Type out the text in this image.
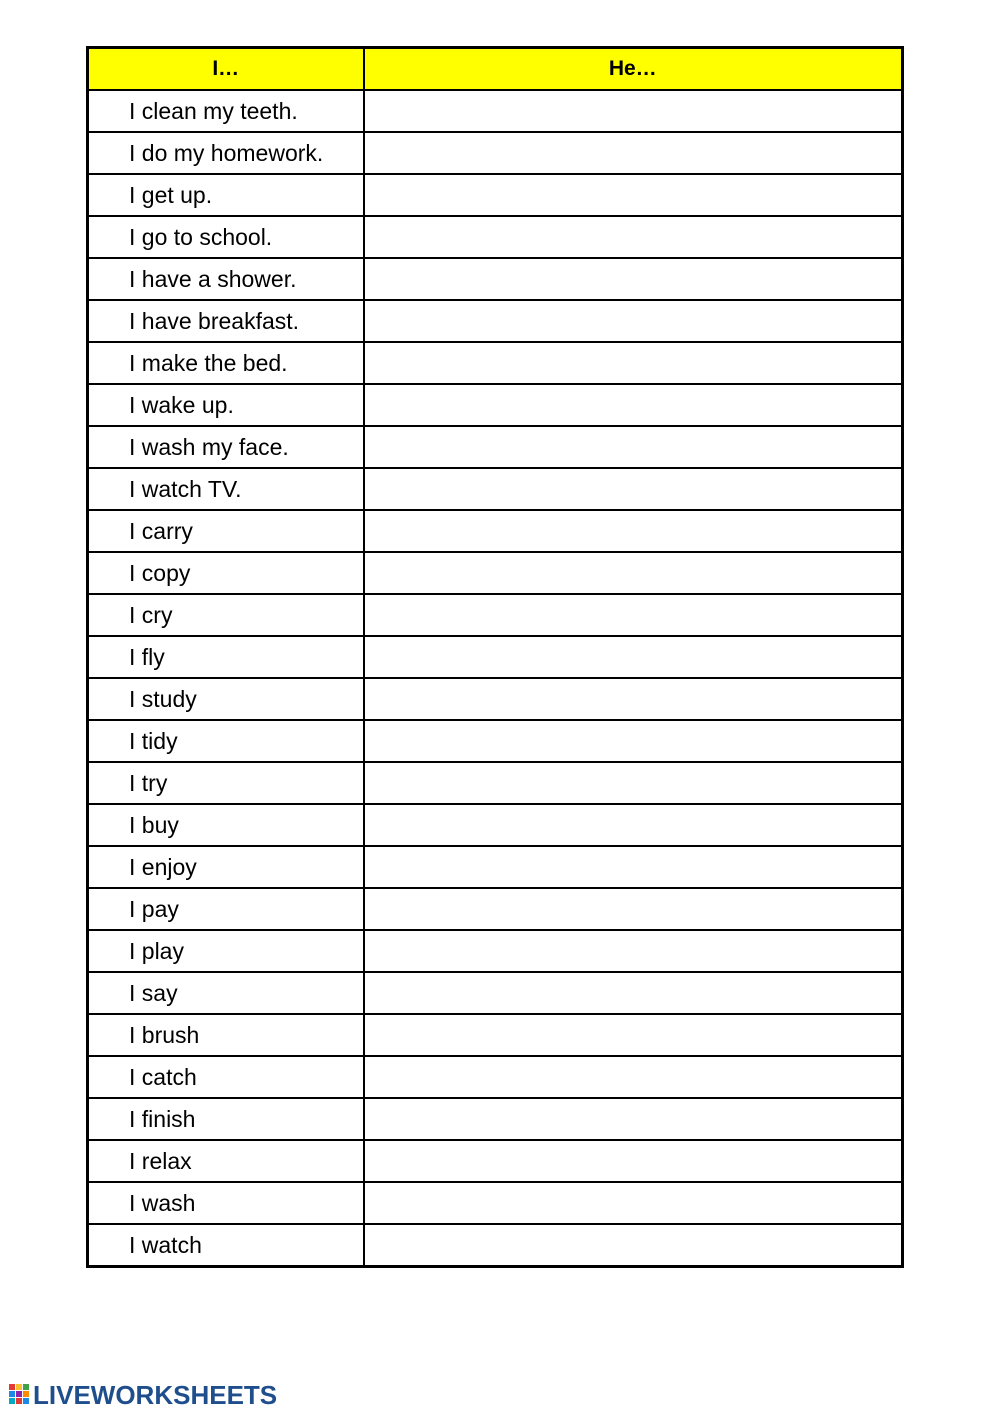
I…	He…
I clean my teeth.	
I do my homework.	
I get up.	
I go to school.	
I have a shower.	
I have breakfast.	
I make the bed.	
I wake up.	
I wash my face.	
I watch TV.	
I carry	
I copy	
I cry	
I fly	
I study	
I tidy	
I try	
I buy	
I enjoy	
I pay	
I play	
I say	
I brush	
I catch	
I finish	
I relax	
I wash	
I watch	
LIVEWORKSHEETS
